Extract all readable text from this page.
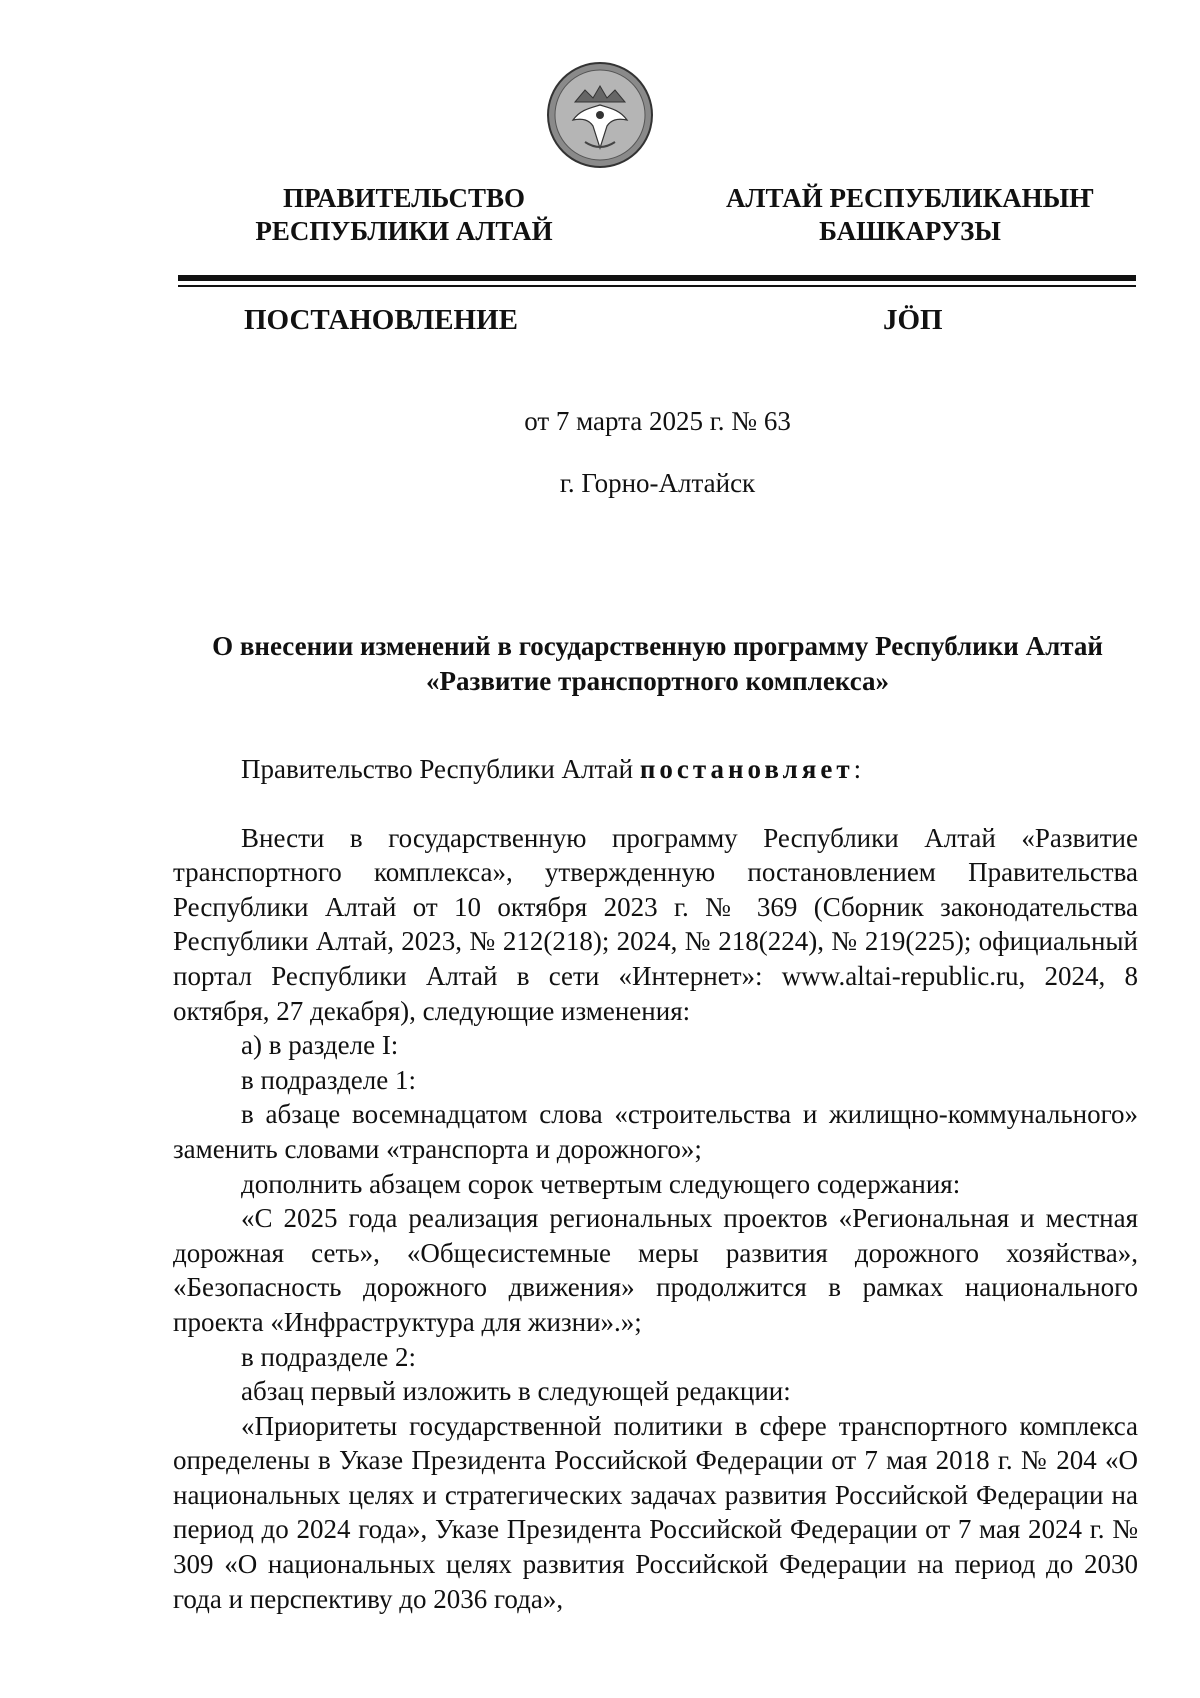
ПРАВИТЕЛЬСТВО
РЕСПУБЛИКИ АЛТАЙ
АЛТАЙ РЕСПУБЛИКАНЫҤ
БАШКАРУЗЫ
ПОСТАНОВЛЕНИЕ	JÖП
от 7 марта 2025 г. № 63
г. Горно-Алтайск
О внесении изменений в государственную программу Республики Алтай
«Развитие транспортного комплекса»

Правительство Республики Алтай постановляет:

Внести в государственную программу Республики Алтай «Развитие транспортного комплекса», утвержденную постановлением Правительства Республики Алтай от 10 октября 2023 г. № 369 (Сборник законодательства Республики Алтай, 2023, № 212(218); 2024, № 218(224), № 219(225); официальный портал Республики Алтай в сети «Интернет»: www.altai-republic.ru, 2024, 8 октября, 27 декабря), следующие изменения:

а) в разделе I:

в подразделе 1:

в абзаце восемнадцатом слова «строительства и жилищно-коммунального» заменить словами «транспорта и дорожного»;

дополнить абзацем сорок четвертым следующего содержания:

«С 2025 года реализация региональных проектов «Региональная и местная дорожная сеть», «Общесистемные меры развития дорожного хозяйства», «Безопасность дорожного движения» продолжится в рамках национального проекта «Инфраструктура для жизни».»;

в подразделе 2:

абзац первый изложить в следующей редакции:

«Приоритеты государственной политики в сфере транспортного комплекса определены в Указе Президента Российской Федерации от 7 мая 2018 г. № 204 «О национальных целях и стратегических задачах развития Российской Федерации на период до 2024 года», Указе Президента Российской Федерации от 7 мая 2024 г. № 309 «О национальных целях развития Российской Федерации на период до 2030 года и перспективу до 2036 года»,
